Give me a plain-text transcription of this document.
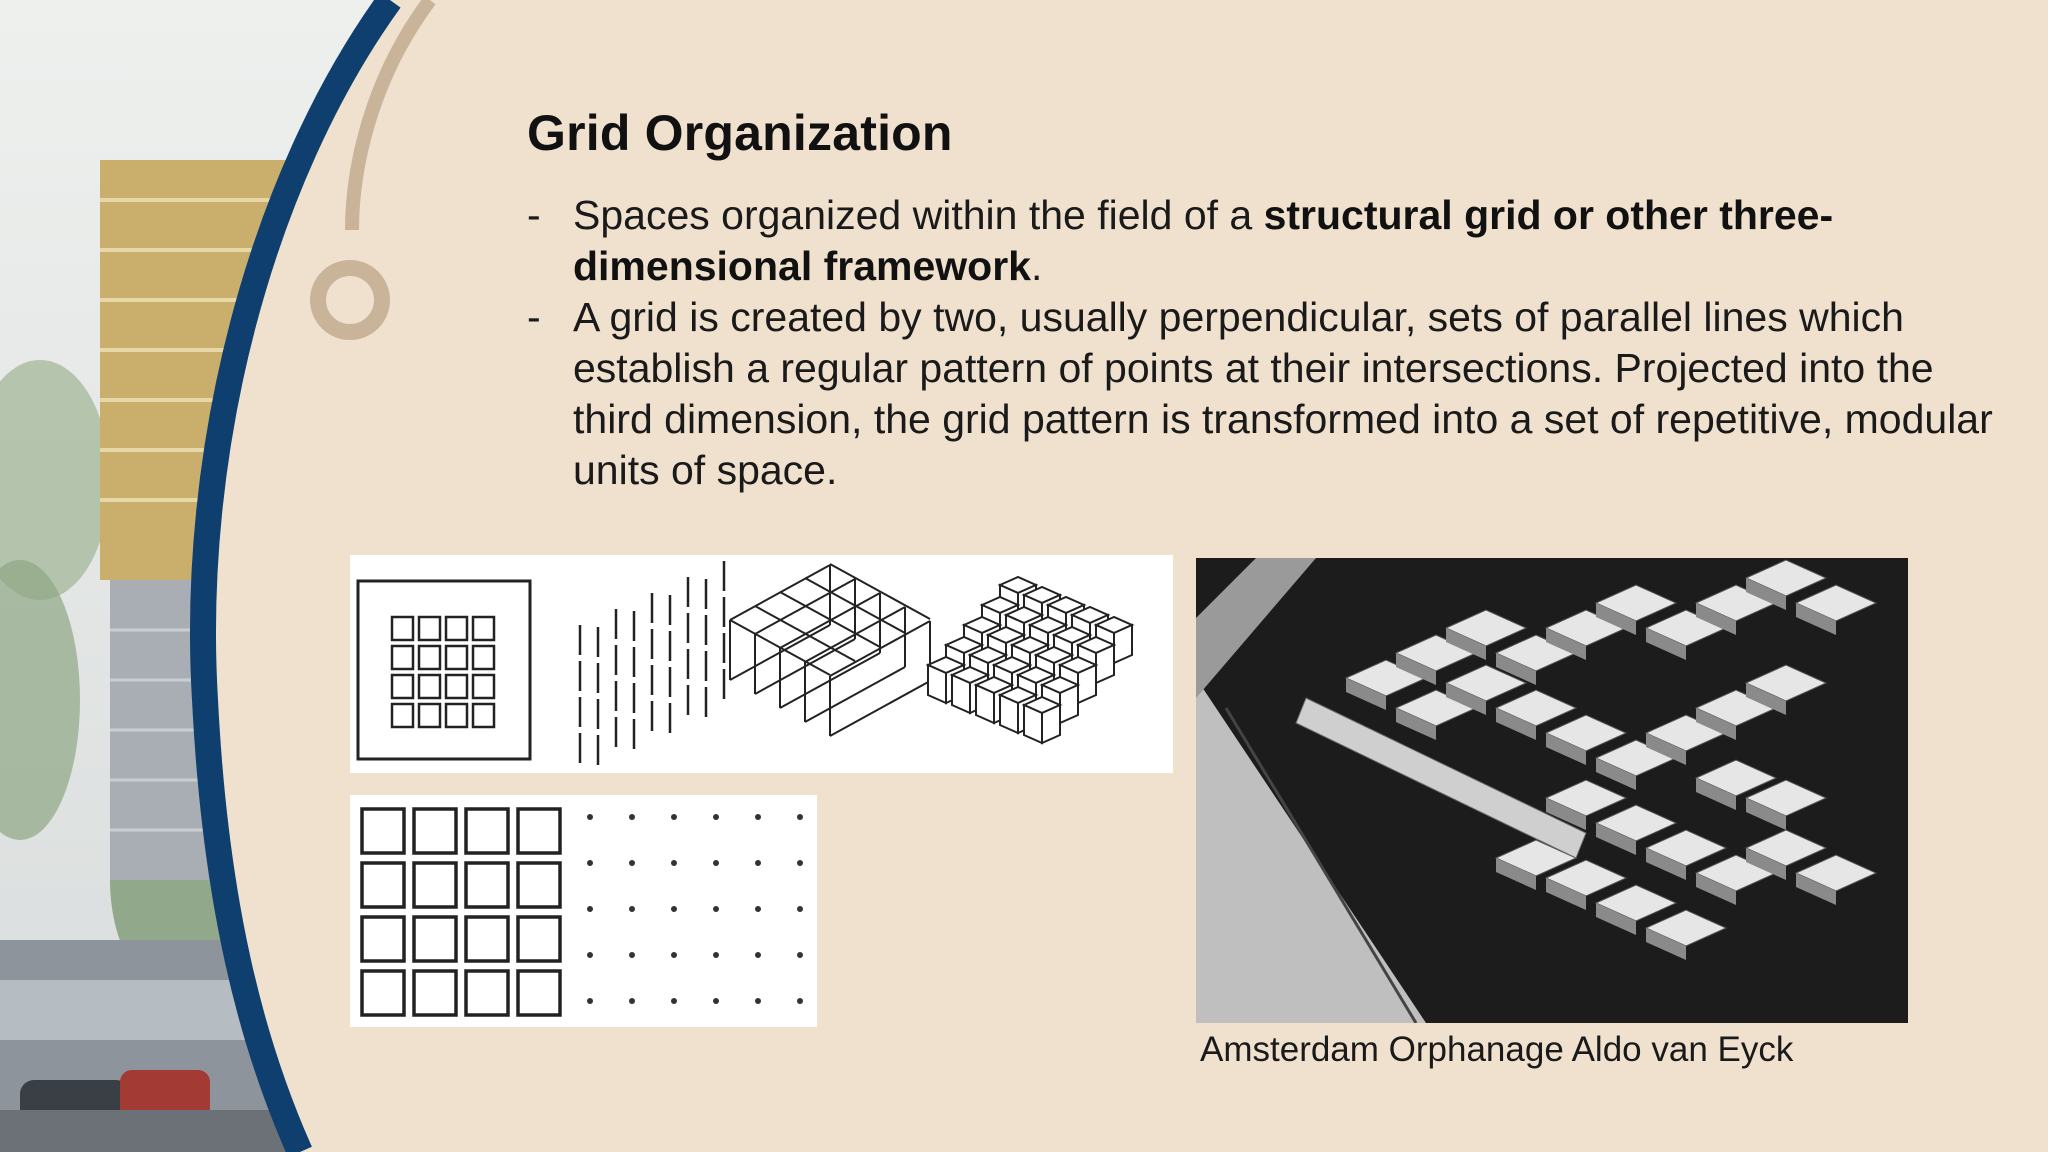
Grid Organization

- Spaces organized within the field of a structural grid or other three-dimensional framework.

- A grid is created by two, usually perpendicular, sets of parallel lines which establish a regular pattern of points at their intersections. Projected into the third dimension, the grid pattern is transformed into a set of repetitive, modular units of space.

Amsterdam Orphanage Aldo van Eyck
